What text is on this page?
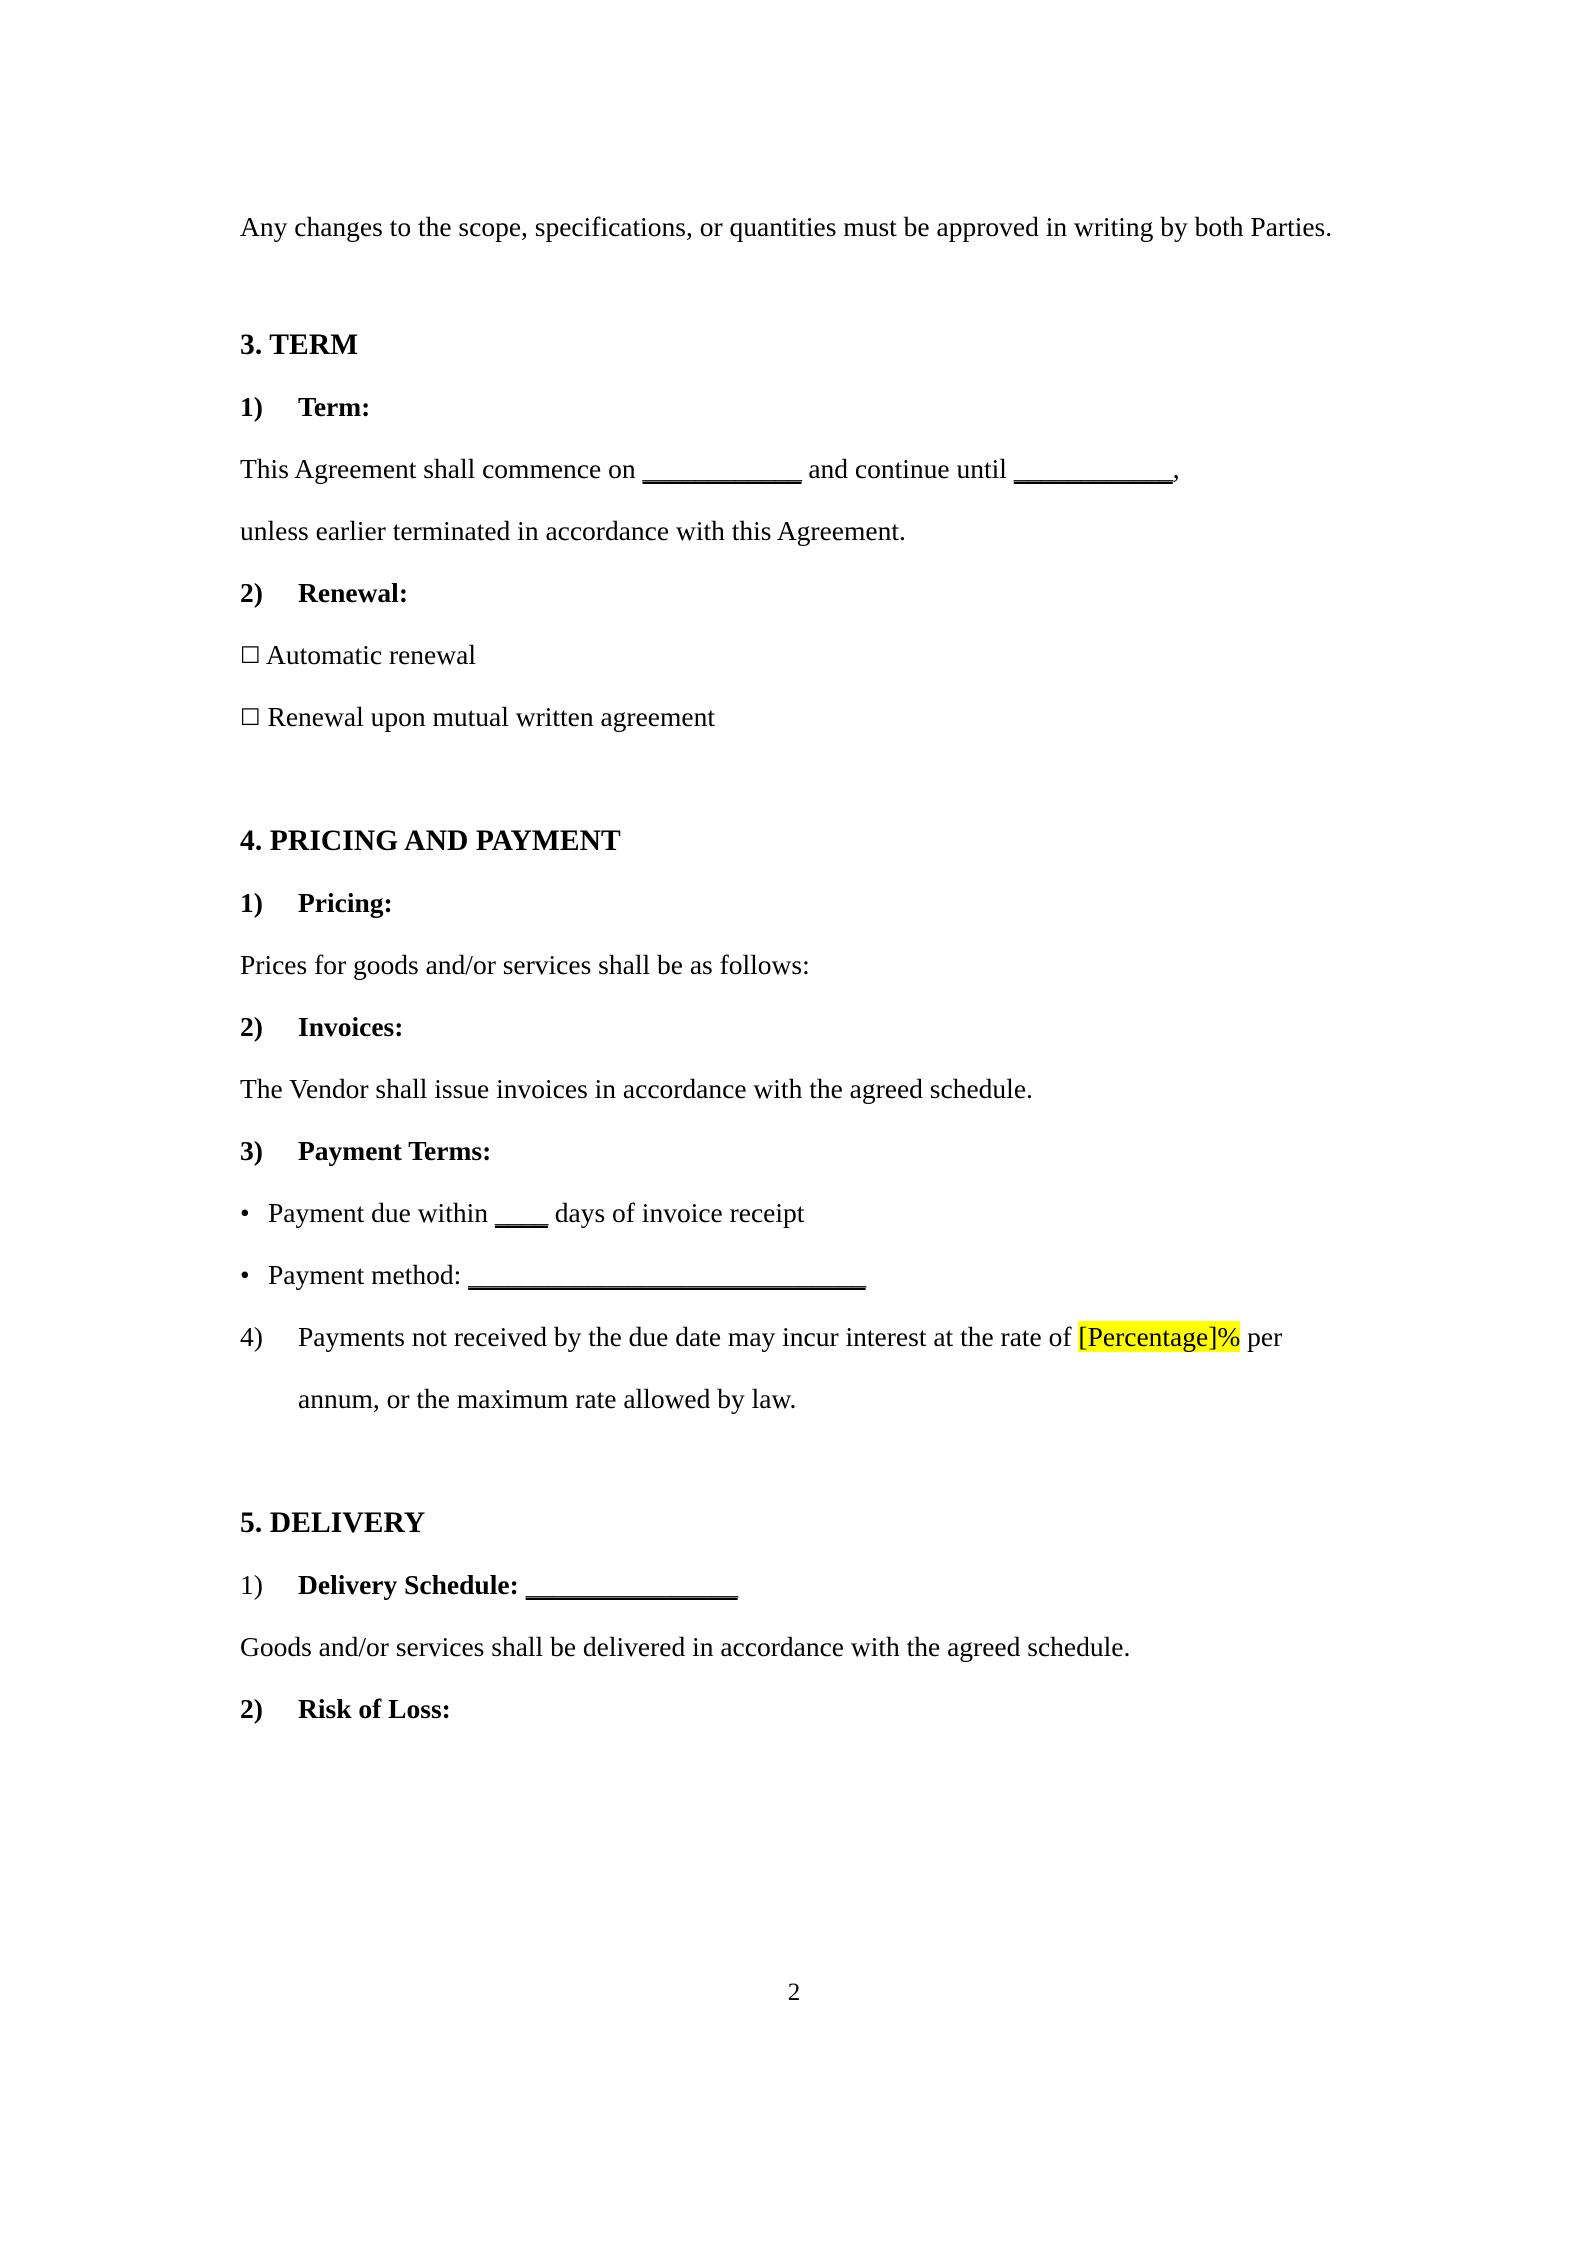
Any changes to the scope, specifications, or quantities must be approved in writing by both Parties.

3. TERM

1)	Term:

This Agreement shall commence on ____________ and continue until ____________,

unless earlier terminated in accordance with this Agreement.

2)	Renewal:

☐ Automatic renewal

☐ Renewal upon mutual written agreement

4. PRICING AND PAYMENT

1)	Pricing:

Prices for goods and/or services shall be as follows:

2)	Invoices:

The Vendor shall issue invoices in accordance with the agreed schedule.

3)	Payment Terms:

• Payment due within ____ days of invoice receipt

• Payment method: ______________________________

4)	Payments not received by the due date may incur interest at the rate of [Percentage]% per annum, or the maximum rate allowed by law.

5. DELIVERY

1)	Delivery Schedule: ________________

Goods and/or services shall be delivered in accordance with the agreed schedule.

2)	Risk of Loss:

2
